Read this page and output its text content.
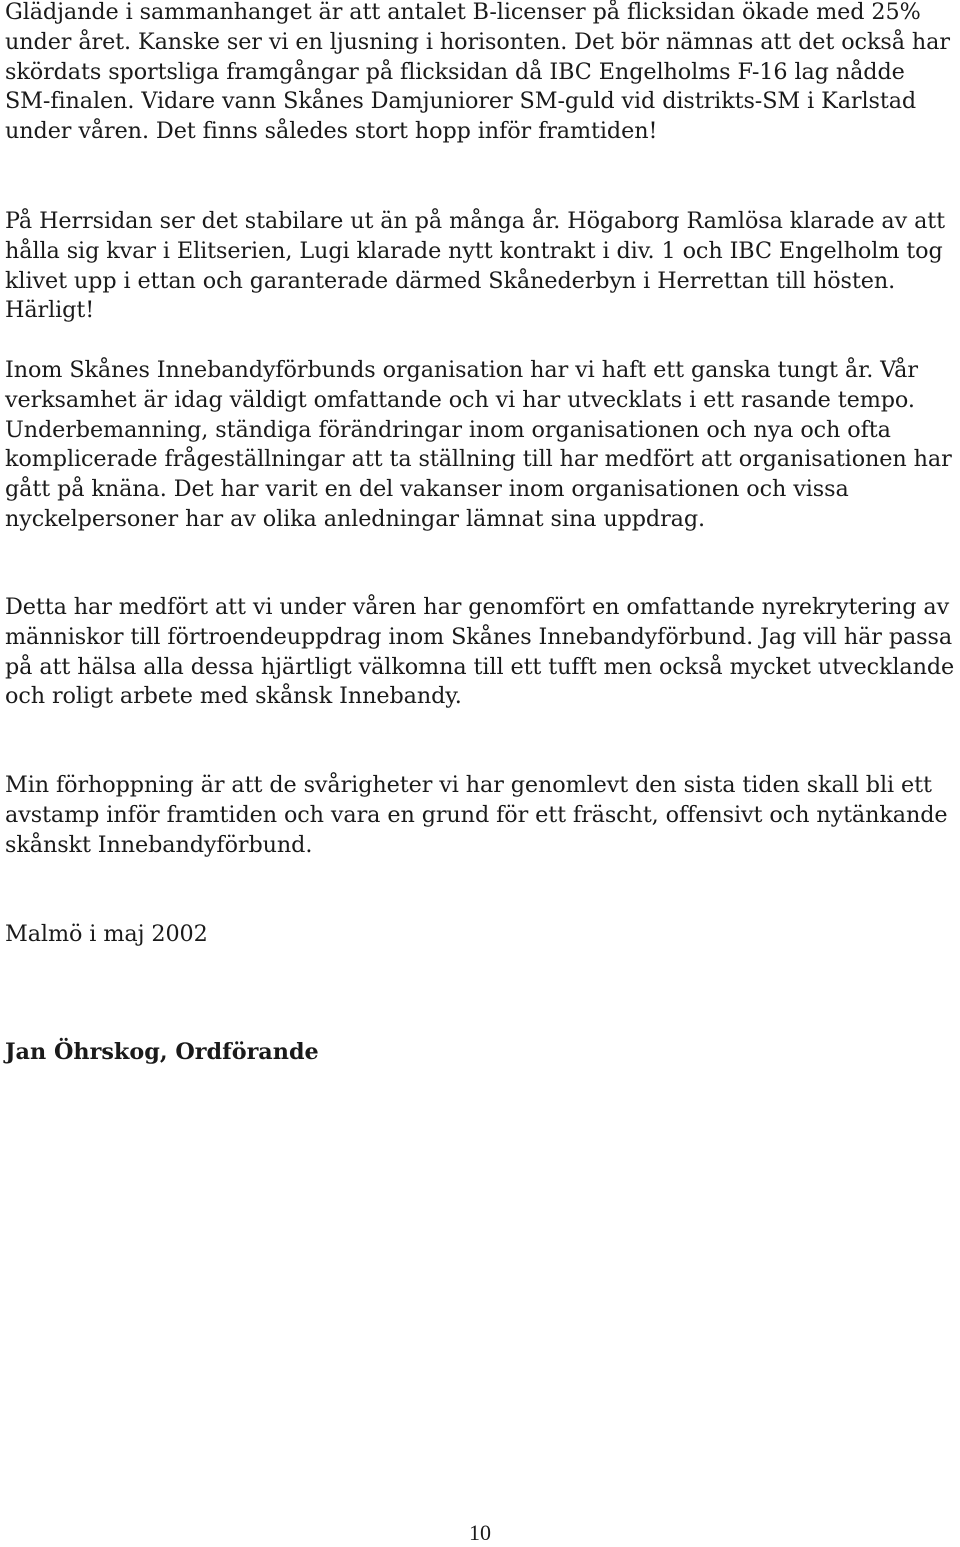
Glädjande i sammanhanget är att antalet B-licenser på flicksidan ökade med 25% under året. Kanske ser vi en ljusning i horisonten. Det bör nämnas att det också har skördats sportsliga framgångar på flicksidan då IBC Engelholms F-16 lag nådde SM-finalen. Vidare vann Skånes Damjuniorer SM-guld vid distrikts-SM i Karlstad under våren. Det finns således stort hopp inför framtiden!

På Herrsidan ser det stabilare ut än på många år. Högaborg Ramlösa klarade av att hålla sig kvar i Elitserien, Lugi klarade nytt kontrakt i div. 1 och IBC Engelholm tog klivet upp i ettan och garanterade därmed Skånederbyn i Herrettan till hösten. Härligt!

Inom Skånes Innebandyförbunds organisation har vi haft ett ganska tungt år. Vår verksamhet är idag väldigt omfattande och vi har utvecklats i ett rasande tempo. Underbemanning, ständiga förändringar inom organisationen och nya och ofta komplicerade frågeställningar att ta ställning till har medfört att organisationen har gått på knäna. Det har varit en del vakanser inom organisationen och vissa nyckelpersoner har av olika anledningar lämnat sina uppdrag.

Detta har medfört att vi under våren har genomfört en omfattande nyrekrytering av människor till förtroendeuppdrag inom Skånes Innebandyförbund. Jag vill här passa på att hälsa alla dessa hjärtligt välkomna till ett tufft men också mycket utvecklande och roligt arbete med skånsk Innebandy.

Min förhoppning är att de svårigheter vi har genomlevt den sista tiden skall bli ett avstamp inför framtiden och vara en grund för ett fräscht, offensivt och nytänkande skånskt Innebandyförbund.

Malmö i maj 2002

Jan Öhrskog, Ordförande

10
